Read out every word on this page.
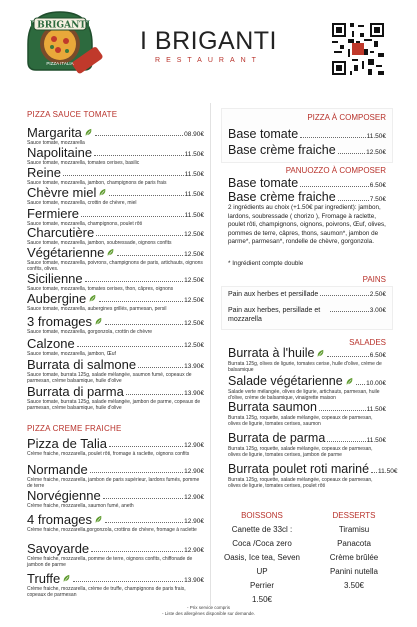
I BRIGANTI
PIZZA ITALIA
I BRIGANTI
RESTAURANT
PIZZA SAUCE TOMATE
Margarita	08.90€
Sauce tomate, mozzarella
Napolitaine	11.50€
Sauce tomate, mozzarella, tomates cerises, basilic
Reine	11.50€
Sauce tomate, mozzarella, jambon, champignons de paris frais
Chèvre miel	11.50€
Sauce tomate, mozzarella, crottin de chèvre, miel
Fermiere	11.50€
Sauce tomate, mozzarella, champignons, poulet rôti
Charcutière	12.50€
Sauce tomate, mozzarella, jambon, soubressade, oignons confits
Végétarienne	12.50€
Sauce tomate, mozzarella, poivrons, champignons de paris, artichauts, oignons confits, olives.
Sicilienne	12.50€
Sauce tomate, mozzarella, tomates cerises, thon, câpres, oignons
Aubergine	12.50€
Sauce tomate, mozzarella, aubergines grillés, parmesan, persil
3 fromages	12.50€
Sauce tomate, mozzarella, gorgonzola, crottin de chèvre
Calzone	12.50€
Sauce tomate, mozzarella, jambon, Œuf
Burrata di salmone	13.90€
Sauce tomate, burrata 125g, salade mélangée, saumon fumé, copeaux de parmesan, crème balsamique, huile d'olive
Burrata di parma	13.90€
Sauce tomate, burrata 125g, salade mélangée, jambon de parme, copeaux de parmesan, crème balsamique, huile d'olive
PIZZA CREME FRAICHE
Pizza de Talia	12.90€
Crème fraiche, mozzarella, poulet rôti, fromage à raclette, oignons confits
Normande	12.90€
Crème fraiche, mozzarella, jambon de paris supérieur, lardons fumés, pomme de terre
Norvégienne	12.90€
Crème fraiche, mozzarella, saumon fumé, aneth
4 fromages	12.90€
Crème fraiche, mozzarella,gorgonzola, crottins de chèvre, fromage à raclette
Savoyarde	12.90€
Crème fraiche, mozzarella, pomme de terre, oignons confits, chiffonade de jambon de parme
Truffe	13.90€
Crème fraiche, mozzarella, crème de truffe, champignons de paris frais, copeaux de parmesan
PIZZA À COMPOSER
Base tomate	11.50€
Base crème fraiche	12.50€
PANUOZZO À COMPOSER
Base tomate	6.50€
Base crème fraiche	7.50€
2 ingrédients au choix (+1.50€ par ingredient): jambon, lardons, soubressade ( chorizo ), Fromage à raclette, poulet rôti, champignons, oignons, poivrons, Œuf, olives, pommes de terre, câpres, thons, saumon*, jambon de parme*, parmesan*, rondelle de chèvre, gorgonzola.
* Ingrédient compte double
PAINS
Pain aux herbes et persillade	2.50€
Pain aux herbes, persillade et mozzarella
3.00€
SALADES
Burrata à l'huile	6.50€
Burrata 125g, olives de ligurie, tomates cerise, huile d'olive, crème de balsamique
Salade végétarienne	10.00€
Salade verte mélangée, olives de ligurie, artichauts, parmesan, huile d'olive, crème de balsamique, vinaigrette maison
Burrata saumon	11.50€
Burrata 125g, roquette, salade mélangée, copeaux de parmesan, olives de ligurie, tomates cerises, saumon
Burrata de parma	11.50€
Burrata 125g, roquette, salade mélangée, copeaux de parmesan, olives de ligurie, tomates cerises, jambon de parme
Burrata poulet roti mariné 11.50€
Burrata 125g, roquette, salade mélangée, copeaux de parmesan, olives de ligurie, tomates cerises, poulet rôti
BOISSONS
Canette de 33cl :
Coca /Coca zero
Oasis, Ice tea, Seven UP
Perrier
1.50€
DESSERTS
Tiramisu
Panacota
Crème brûlée
Panini nutella
3.50€
- Prix service compris
- Liste des allergènes disponible sur demande.
